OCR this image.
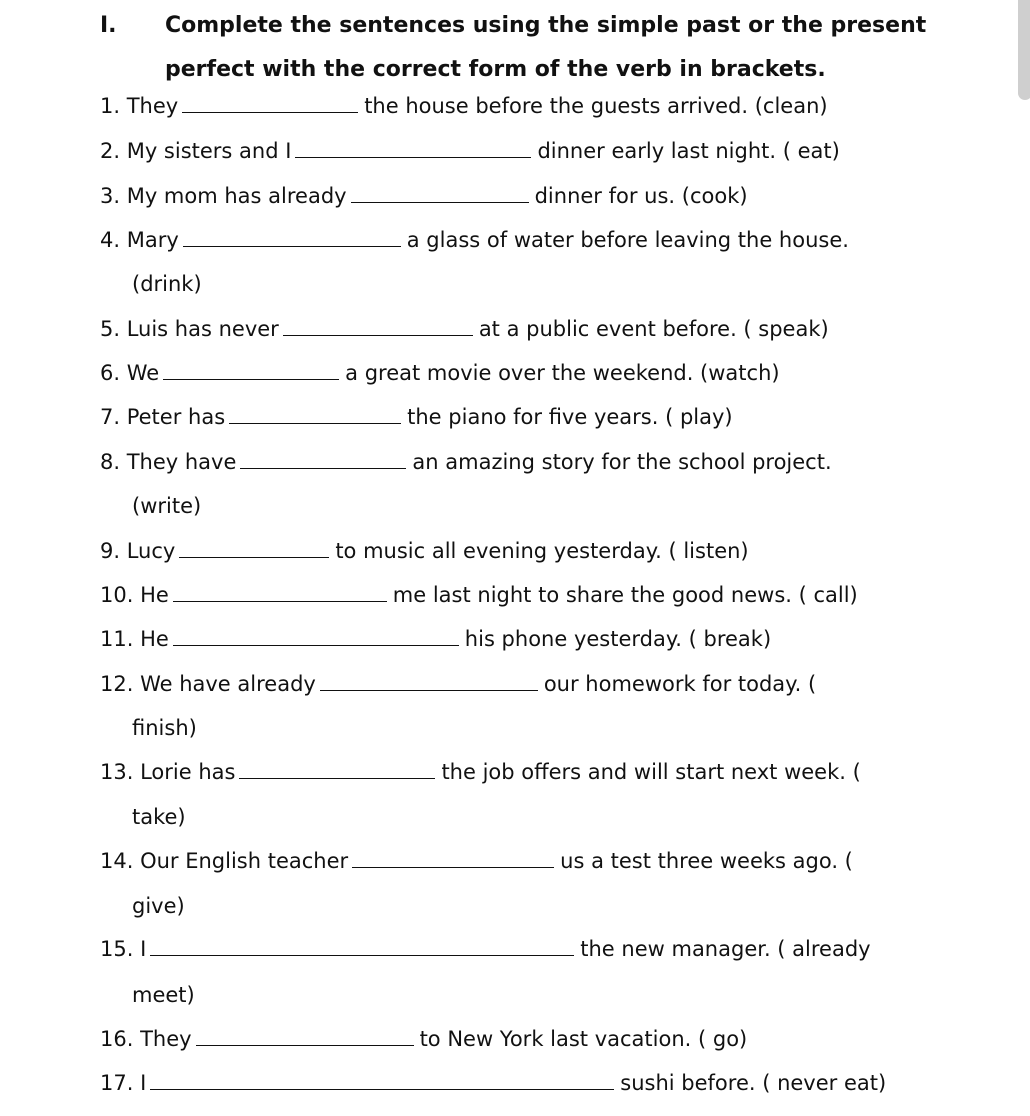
I. Complete the sentences using the simple past or the present
perfect with the correct form of the verb in brackets.
1. They	the house before the guests arrived. (clean)
2. My sisters and I	dinner early last night. ( eat)
3. My mom has already	dinner for us. (cook)
4. Mary	a glass of water before leaving the house.
(drink)
5. Luis has never	at a public event before. ( speak)
6. We	a great movie over the weekend. (watch)
7. Peter has	the piano for five years. ( play)
8. They have	an amazing story for the school project.
(write)
9. Lucy	to music all evening yesterday. ( listen)
10. He	me last night to share the good news. ( call)
11. He	his phone yesterday. ( break)
12. We have already	our homework for today. (
finish)
13. Lorie has	the job offers and will start next week. (
take)
14. Our English teacher	us a test three weeks ago. (
give)
15. I	the new manager. ( already
meet)
16. They	to New York last vacation. ( go)
17. I	sushi before. ( never eat)
